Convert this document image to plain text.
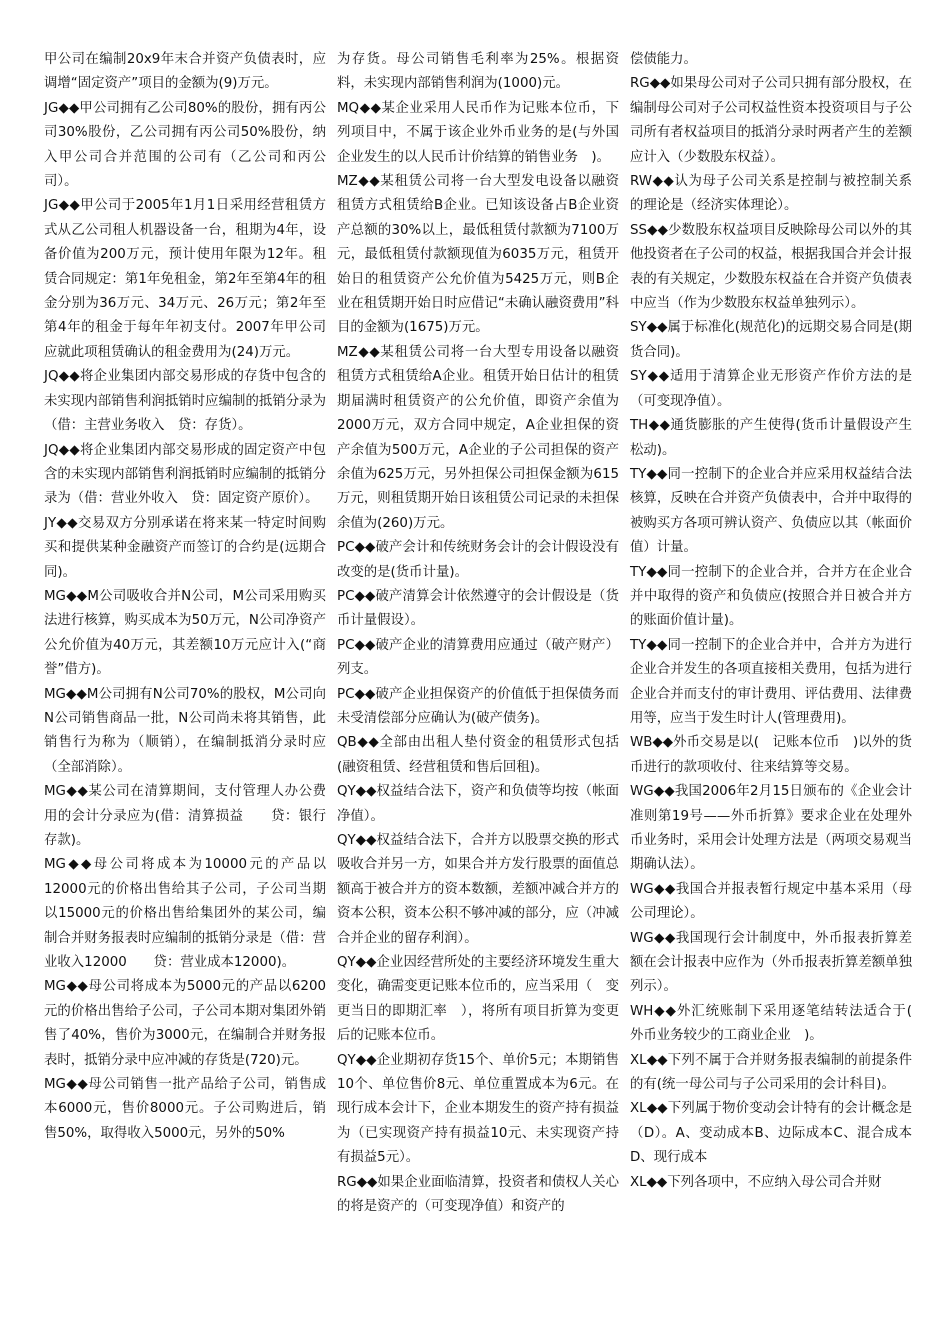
甲公司在编制20x9年末合并资产负债表时，应调增“固定资产”项目的金额为(9)万元。

JG◆◆甲公司拥有乙公司80%的股份，拥有丙公司30%股份，乙公司拥有丙公司50%股份，纳入甲公司合并范围的公司有（乙公司和丙公司）。

JG◆◆甲公司于2005年1月1日采用经营租赁方式从乙公司租人机器设备一台，租期为4年，设备价值为200万元，预计使用年限为12年。租赁合同规定：第1年免租金，第2年至第4年的租金分别为36万元、34万元、26万元；第2年至第4年的租金于每年年初支付。2007年甲公司应就此项租赁确认的租金费用为(24)万元。

JQ◆◆将企业集团内部交易形成的存货中包含的未实现内部销售利润抵销时应编制的抵销分录为（借：主营业务收入　贷：存货）。

JQ◆◆将企业集团内部交易形成的固定资产中包含的未实现内部销售利润抵销时应编制的抵销分录为（借：营业外收入　贷：固定资产原价）。

JY◆◆交易双方分别承诺在将来某一特定时间购买和提供某种金融资产而签订的合约是(远期合同)。

MG◆◆M公司吸收合并N公司，M公司采用购买法进行核算，购买成本为50万元，N公司净资产公允价值为40万元，其差额10万元应计入(“商誉”借方)。

MG◆◆M公司拥有N公司70%的股权，M公司向N公司销售商品一批，N公司尚未将其销售，此销售行为称为（顺销），在编制抵消分录时应（全部消除）。

MG◆◆某公司在清算期间，支付管理人办公费用的会计分录应为(借：清算损益　　贷：银行存款)。

MG◆◆母公司将成本为10000元的产品以12000元的价格出售给其子公司，子公司当期以15000元的价格出售给集团外的某公司，编制合并财务报表时应编制的抵销分录是（借：营业收入12000　　贷：营业成本12000)。

MG◆◆母公司将成本为5000元的产品以6200元的价格出售给子公司，子公司本期对集团外销售了40%，售价为3000元，在编制合并财务报表时，抵销分录中应冲减的存货是(720)元。

MG◆◆母公司销售一批产品给子公司，销售成本6000元，售价8000元。子公司购进后，销售50%，取得收入5000元，另外的50%

为存货。母公司销售毛利率为25%。根据资料，未实现内部销售利润为(1000)元。

MQ◆◆某企业采用人民币作为记账本位币，下列项目中，不属于该企业外币业务的是(与外国企业发生的以人民币计价结算的销售业务　)。

MZ◆◆某租赁公司将一台大型发电设备以融资租赁方式租赁给B企业。已知该设备占B企业资产总额的30%以上，最低租赁付款额为7100万元，最低租赁付款额现值为6035万元，租赁开始日的租赁资产公允价值为5425万元，则B企业在租赁期开始日时应借记“未确认融资费用”科目的金额为(1675)万元。

MZ◆◆某租赁公司将一台大型专用设备以融资租赁方式租赁给A企业。租赁开始日估计的租赁期届满时租赁资产的公允价值，即资产余值为2000万元，双方合同中规定，A企业担保的资产余值为500万元，A企业的子公司担保的资产余值为625万元，另外担保公司担保金额为615万元，则租赁期开始日该租赁公司记录的未担保余值为(260)万元。

PC◆◆破产会计和传统财务会计的会计假设没有改变的是(货币计量)。

PC◆◆破产清算会计依然遵守的会计假设是（货币计量假设）。

PC◆◆破产企业的清算费用应通过（破产财产）列支。

PC◆◆破产企业担保资产的价值低于担保债务而未受清偿部分应确认为(破产债务)。

QB◆◆全部由出租人垫付资金的租赁形式包括(融资租赁、经营租赁和售后回租)。

QY◆◆权益结合法下，资产和负债等均按（帐面净值）。

QY◆◆权益结合法下，合并方以股票交换的形式吸收合并另一方，如果合并方发行股票的面值总额高于被合并方的资本数额，差额冲减合并方的资本公积，资本公积不够冲减的部分，应（冲减合并企业的留存利润）。

QY◆◆企业因经营所处的主要经济环境发生重大变化，确需变更记账本位币的，应当采用（　变更当日的即期汇率　），将所有项目折算为变更后的记账本位币。

QY◆◆企业期初存货15个、单价5元；本期销售10个、单位售价8元、单位重置成本为6元。在现行成本会计下，企业本期发生的资产持有损益为（已实现资产持有损益10元、未实现资产持有损益5元）。

RG◆◆如果企业面临清算，投资者和债权人关心的将是资产的（可变现净值）和资产的

偿债能力。

RG◆◆如果母公司对子公司只拥有部分股权，在编制母公司对子公司权益性资本投资项目与子公司所有者权益项目的抵消分录时两者产生的差额应计入（少数股东权益）。

RW◆◆认为母子公司关系是控制与被控制关系的理论是（经济实体理论）。

SS◆◆少数股东权益项目反映除母公司以外的其他投资者在子公司的权益，根据我国合并会计报表的有关规定，少数股东权益在合并资产负债表中应当（作为少数股东权益单独列示）。

SY◆◆属于标准化(规范化)的远期交易合同是(期货合同)。

SY◆◆适用于清算企业无形资产作价方法的是（可变现净值）。

TH◆◆通货膨胀的产生使得(货币计量假设产生松动)。

TY◆◆同一控制下的企业合并应采用权益结合法核算，反映在合并资产负债表中，合并中取得的被购买方各项可辨认资产、负债应以其（帐面价值）计量。

TY◆◆同一控制下的企业合并，合并方在企业合并中取得的资产和负债应(按照合并日被合并方的账面价值计量)。

TY◆◆同一控制下的企业合并中，合并方为进行企业合并发生的各项直接相关费用，包括为进行企业合并而支付的审计费用、评估费用、法律费用等，应当于发生时计人(管理费用)。

WB◆◆外币交易是以(　记账本位币　)以外的货币进行的款项收付、往来结算等交易。

WG◆◆我国2006年2月15日颁布的《企业会计准则第19号——外币折算》要求企业在处理外币业务时，采用会计处理方法是（两项交易观当期确认法）。

WG◆◆我国合并报表暂行规定中基本采用（母公司理论）。

WG◆◆我国现行会计制度中，外币报表折算差额在会计报表中应作为（外币报表折算差额单独列示）。

WH◆◆外汇统账制下采用逐笔结转法适合于(　外币业务较少的工商业企业　)。

XL◆◆下列不属于合并财务报表编制的前提条件的有(统一母公司与子公司采用的会计科目)。

XL◆◆下列属于物价变动会计特有的会计概念是（D）。A、变动成本B、边际成本C、混合成本D、现行成本

XL◆◆下列各项中，不应纳入母公司合并财
